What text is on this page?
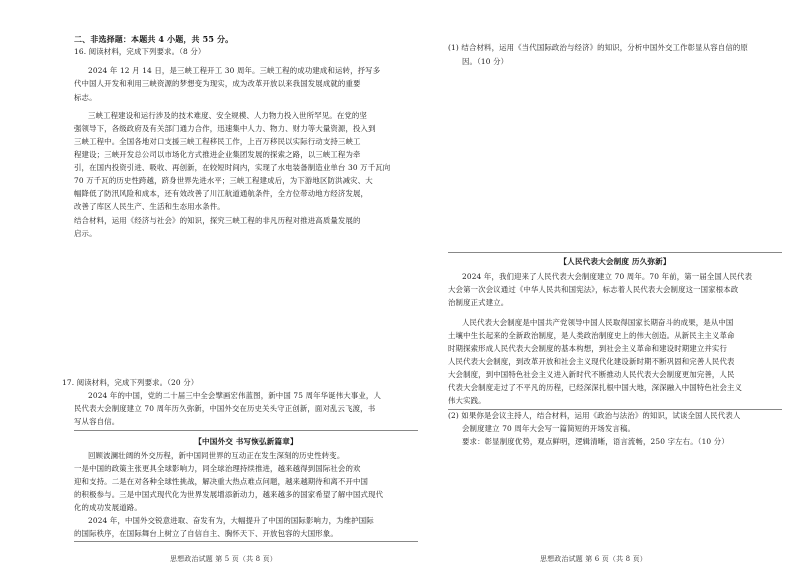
二、非选择题：本题共 4 小题，共 55 分。
16. 阅读材料，完成下列要求。（8 分）
2024 年 12 月 14 日，是三峡工程开工 30 周年。三峡工程的成功建成和运转，抒写多
代中国人开发和利用三峡资源的梦想变为现实，成为改革开放以来我国发展成就的重要
标志。
三峡工程建设和运行涉及的技术难度、安全规模、人力物力投入世所罕见。在党的坚
强领导下，各级政府及有关部门通力合作，迅速集中人力、物力、财力等大量资源，投入到
三峡工程中。全国各地对口支援三峡工程移民工作，上百万移民以实际行动支持三峡工
程建设；三峡开发总公司以市场化方式推进企业集团发展的探索之路，以三峡工程为牵
引，在国内投资引进、吸收、再创新，在较短时间内，实现了水电装备制造业单台 30 万千瓦向
70 万千瓦的历史性跨越，跻身世界先进水平；三峡工程建成后，为下游地区防洪减灾、大
幅降低了防汛风险和成本，还有效改善了川江航道通航条件，全方位带动地方经济发展，
改善了库区人民生产、生活和生态用水条件。
结合材料，运用《经济与社会》的知识，探究三峡工程的非凡历程对推进高质量发展的
启示。
17. 阅读材料，完成下列要求。（20 分）
2024 年的中国，党的二十届三中全会擘画宏伟蓝图，新中国 75 周年华诞伟大事业，人
民代表大会制度建立 70 周年历久弥新，中国外交在历史关头守正创新，面对乱云飞渡，书
写从容自信。
【中国外交 书写恢弘新篇章】
回顾波澜壮阔的外交历程，新中国同世界的互动正在发生深刻的历史性转变。
一是中国的政策主张更具全球影响力，同全球治理持续推进，越来越得到国际社会的欢
迎和支持。二是在对各种全球性挑战，解决重大热点难点问题，越来越期待和离不开中国
的积极参与。三是中国式现代化为世界发展增添新动力，越来越多的国家希望了解中国式现代
化的成功发展道路。
2024 年，中国外交锐意进取、奋发有为，大幅提升了中国的国际影响力，为维护国际
的国际秩序，在国际舞台上树立了自信自主、胸怀天下、开放包容的大国形象。
思想政治试题 第 5 页（共 8 页）
(1) 结合材料，运用《当代国际政治与经济》的知识，分析中国外交工作彰显从容自信的原
因。（10 分）
【人民代表大会制度 历久弥新】
2024 年，我们迎来了人民代表大会制度建立 70 周年。70 年前，第一届全国人民代表
大会第一次会议通过《中华人民共和国宪法》，标志着人民代表大会制度这一国家根本政
治制度正式建立。
人民代表大会制度是中国共产党领导中国人民取得国家长期奋斗的成果，是从中国
土壤中生长起来的全新政治制度，是人类政治制度史上的伟大创造。从新民主主义革命
时期探索形成人民代表大会制度的基本构想，到社会主义革命和建设时期建立并实行
人民代表大会制度，到改革开放和社会主义现代化建设新时期不断巩固和完善人民代表
大会制度，到中国特色社会主义进入新时代不断推动人民代表大会制度更加完善，人民
代表大会制度走过了不平凡的历程，已经深深扎根中国大地，深深融入中国特色社会主义
伟大实践。
(2) 如果你是会议主持人，结合材料，运用《政治与法治》的知识，试谈全国人民代表人
会制度建立 70 周年大会写一篇简短的开场发言稿。
要求：彰显制度优势，观点鲜明，逻辑清晰，语言流畅，250 字左右。（10 分）
思想政治试题 第 6 页（共 8 页）
